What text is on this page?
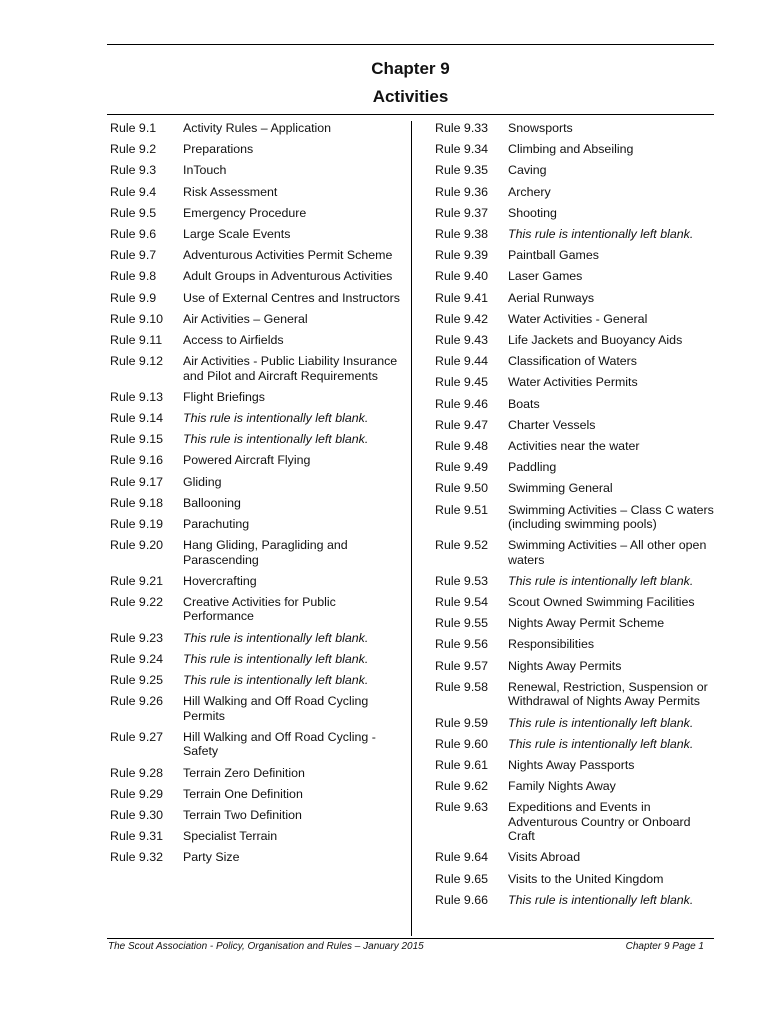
Chapter 9
Activities
Rule 9.1	Activity Rules – Application
Rule 9.2	Preparations
Rule 9.3	InTouch
Rule 9.4	Risk Assessment
Rule 9.5	Emergency Procedure
Rule 9.6	Large Scale Events
Rule 9.7	Adventurous Activities Permit Scheme
Rule 9.8	Adult Groups in Adventurous Activities
Rule 9.9	Use of External Centres and Instructors
Rule 9.10	Air Activities – General
Rule 9.11	Access to Airfields
Rule 9.12	Air Activities - Public Liability Insurance and Pilot and Aircraft Requirements
Rule 9.13	Flight Briefings
Rule 9.14	This rule is intentionally left blank.
Rule 9.15	This rule is intentionally left blank.
Rule 9.16	Powered Aircraft Flying
Rule 9.17	Gliding
Rule 9.18	Ballooning
Rule 9.19	Parachuting
Rule 9.20	Hang Gliding, Paragliding and Parascending
Rule 9.21	Hovercrafting
Rule 9.22	Creative Activities for Public Performance
Rule 9.23	This rule is intentionally left blank.
Rule 9.24	This rule is intentionally left blank.
Rule 9.25	This rule is intentionally left blank.
Rule 9.26	Hill Walking and Off Road Cycling Permits
Rule 9.27	Hill Walking and Off Road Cycling - Safety
Rule 9.28	Terrain Zero Definition
Rule 9.29	Terrain One Definition
Rule 9.30	Terrain Two Definition
Rule 9.31	Specialist Terrain
Rule 9.32	Party Size
Rule 9.33	Snowsports
Rule 9.34	Climbing and Abseiling
Rule 9.35	Caving
Rule 9.36	Archery
Rule 9.37	Shooting
Rule 9.38	This rule is intentionally left blank.
Rule 9.39	Paintball Games
Rule 9.40	Laser Games
Rule 9.41	Aerial Runways
Rule 9.42	Water Activities - General
Rule 9.43	Life Jackets and Buoyancy Aids
Rule 9.44	Classification of Waters
Rule 9.45	Water Activities Permits
Rule 9.46	Boats
Rule 9.47	Charter Vessels
Rule 9.48	Activities near the water
Rule 9.49	Paddling
Rule 9.50	Swimming General
Rule 9.51	Swimming Activities – Class C waters (including swimming pools)
Rule 9.52	Swimming Activities – All other open waters
Rule 9.53	This rule is intentionally left blank.
Rule 9.54	Scout Owned Swimming Facilities
Rule 9.55	Nights Away Permit Scheme
Rule 9.56	Responsibilities
Rule 9.57	Nights Away Permits
Rule 9.58	Renewal, Restriction, Suspension or Withdrawal of Nights Away Permits
Rule 9.59	This rule is intentionally left blank.
Rule 9.60	This rule is intentionally left blank.
Rule 9.61	Nights Away Passports
Rule 9.62	Family Nights Away
Rule 9.63	Expeditions and Events in Adventurous Country or Onboard Craft
Rule 9.64	Visits Abroad
Rule 9.65	Visits to the United Kingdom
Rule 9.66	This rule is intentionally left blank.
The Scout Association - Policy, Organisation and Rules – January 2015	Chapter 9 Page 1
